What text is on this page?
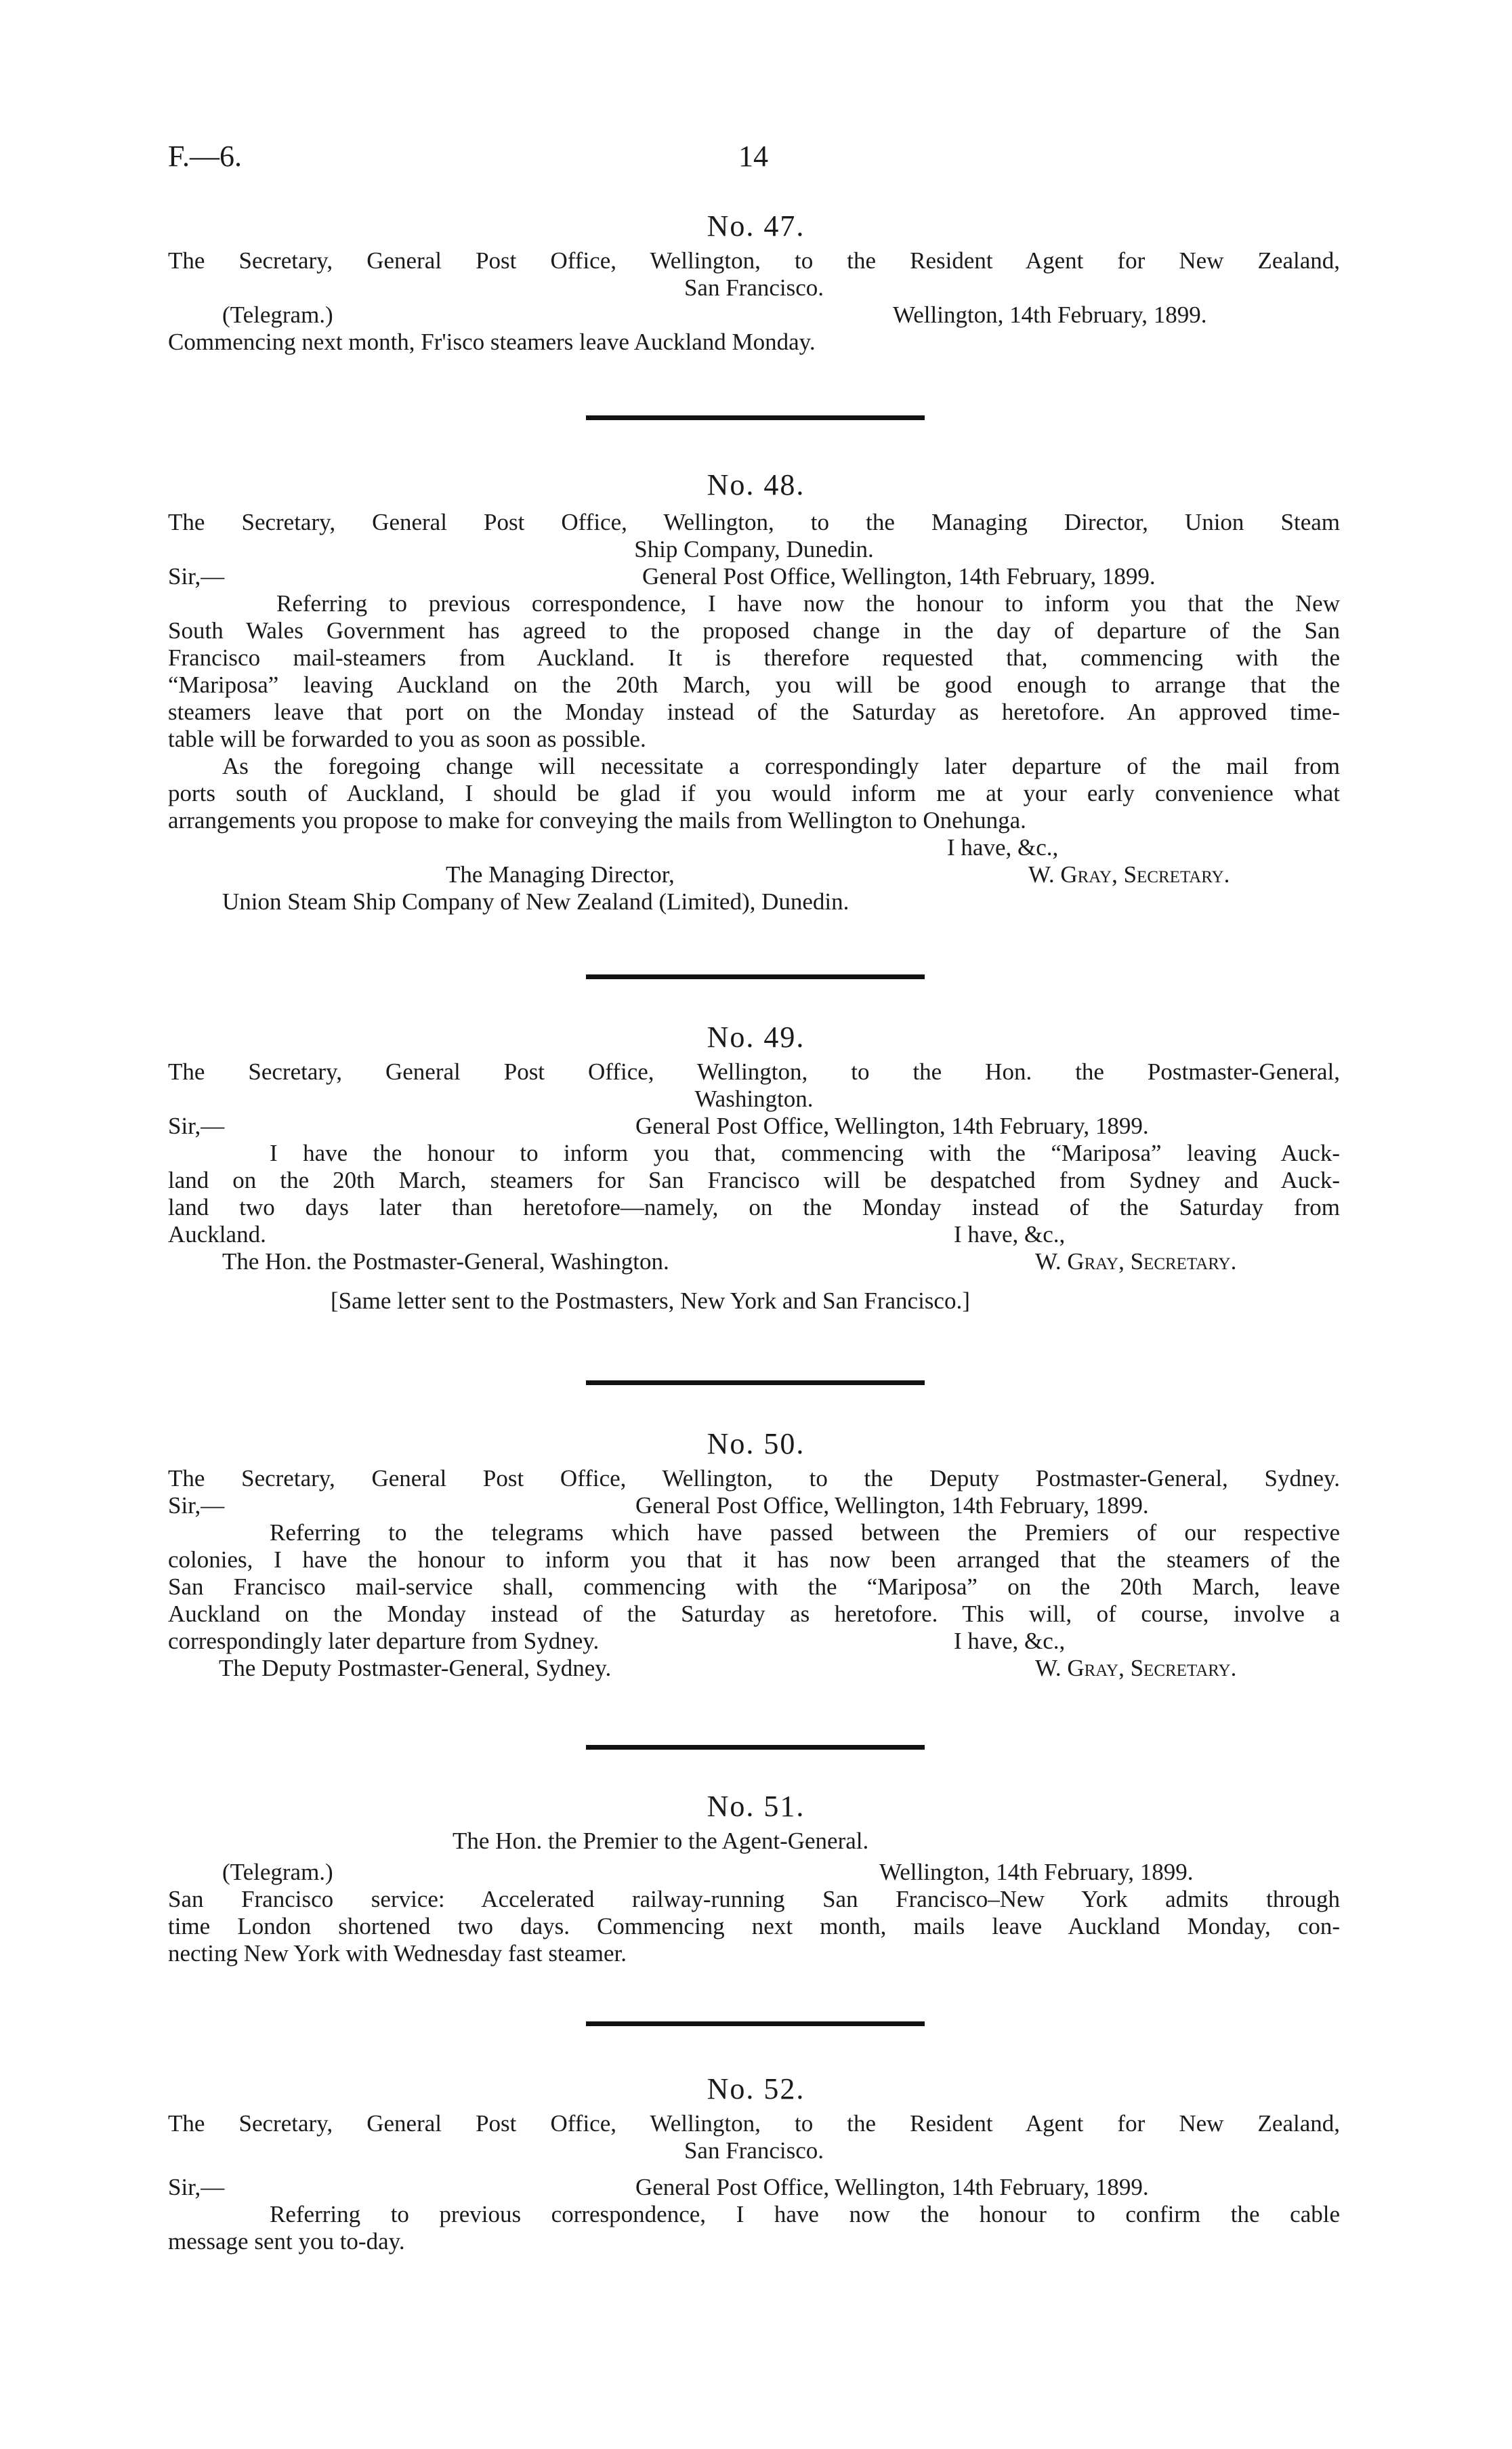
F.—6.	14
No. 47.
The Secretary, General Post Office, Wellington, to the Resident Agent for New Zealand,
San Francisco.
(Telegram.)	Wellington, 14th February, 1899.
Commencing next month, Fr'isco steamers leave Auckland Monday.
No. 48.
The Secretary, General Post Office, Wellington, to the Managing Director, Union Steam
Ship Company, Dunedin.
Sir,—	General Post Office, Wellington, 14th February, 1899.
Referring to previous correspondence, I have now the honour to inform you that the New
South Wales Government has agreed to the proposed change in the day of departure of the San
Francisco mail-steamers from Auckland. It is therefore requested that, commencing with the
“Mariposa” leaving Auckland on the 20th March, you will be good enough to arrange that the
steamers leave that port on the Monday instead of the Saturday as heretofore. An approved time-
table will be forwarded to you as soon as possible.
As the foregoing change will necessitate a correspondingly later departure of the mail from
ports south of Auckland, I should be glad if you would inform me at your early convenience what
arrangements you propose to make for conveying the mails from Wellington to Onehunga.
I have, &c.,
The Managing Director,	W. Gray, Secretary.
Union Steam Ship Company of New Zealand (Limited), Dunedin.
No. 49.
The Secretary, General Post Office, Wellington, to the Hon. the Postmaster-General,
Washington.
Sir,—	General Post Office, Wellington, 14th February, 1899.
I have the honour to inform you that, commencing with the “Mariposa” leaving Auck-
land on the 20th March, steamers for San Francisco will be despatched from Sydney and Auck-
land two days later than heretofore—namely, on the Monday instead of the Saturday from
Auckland.	I have, &c.,
The Hon. the Postmaster-General, Washington.	W. Gray, Secretary.
[Same letter sent to the Postmasters, New York and San Francisco.]
No. 50.
The Secretary, General Post Office, Wellington, to the Deputy Postmaster-General, Sydney.
Sir,—	General Post Office, Wellington, 14th February, 1899.
Referring to the telegrams which have passed between the Premiers of our respective
colonies, I have the honour to inform you that it has now been arranged that the steamers of the
San Francisco mail-service shall, commencing with the “Mariposa” on the 20th March, leave
Auckland on the Monday instead of the Saturday as heretofore. This will, of course, involve a
correspondingly later departure from Sydney.	I have, &c.,
The Deputy Postmaster-General, Sydney.	W. Gray, Secretary.
No. 51.
The Hon. the Premier to the Agent-General.
(Telegram.)	Wellington, 14th February, 1899.
San Francisco service: Accelerated railway-running San Francisco–New York admits through
time London shortened two days. Commencing next month, mails leave Auckland Monday, con-
necting New York with Wednesday fast steamer.
No. 52.
The Secretary, General Post Office, Wellington, to the Resident Agent for New Zealand,
San Francisco.
Sir,—	General Post Office, Wellington, 14th February, 1899.
Referring to previous correspondence, I have now the honour to confirm the cable
message sent you to-day.
